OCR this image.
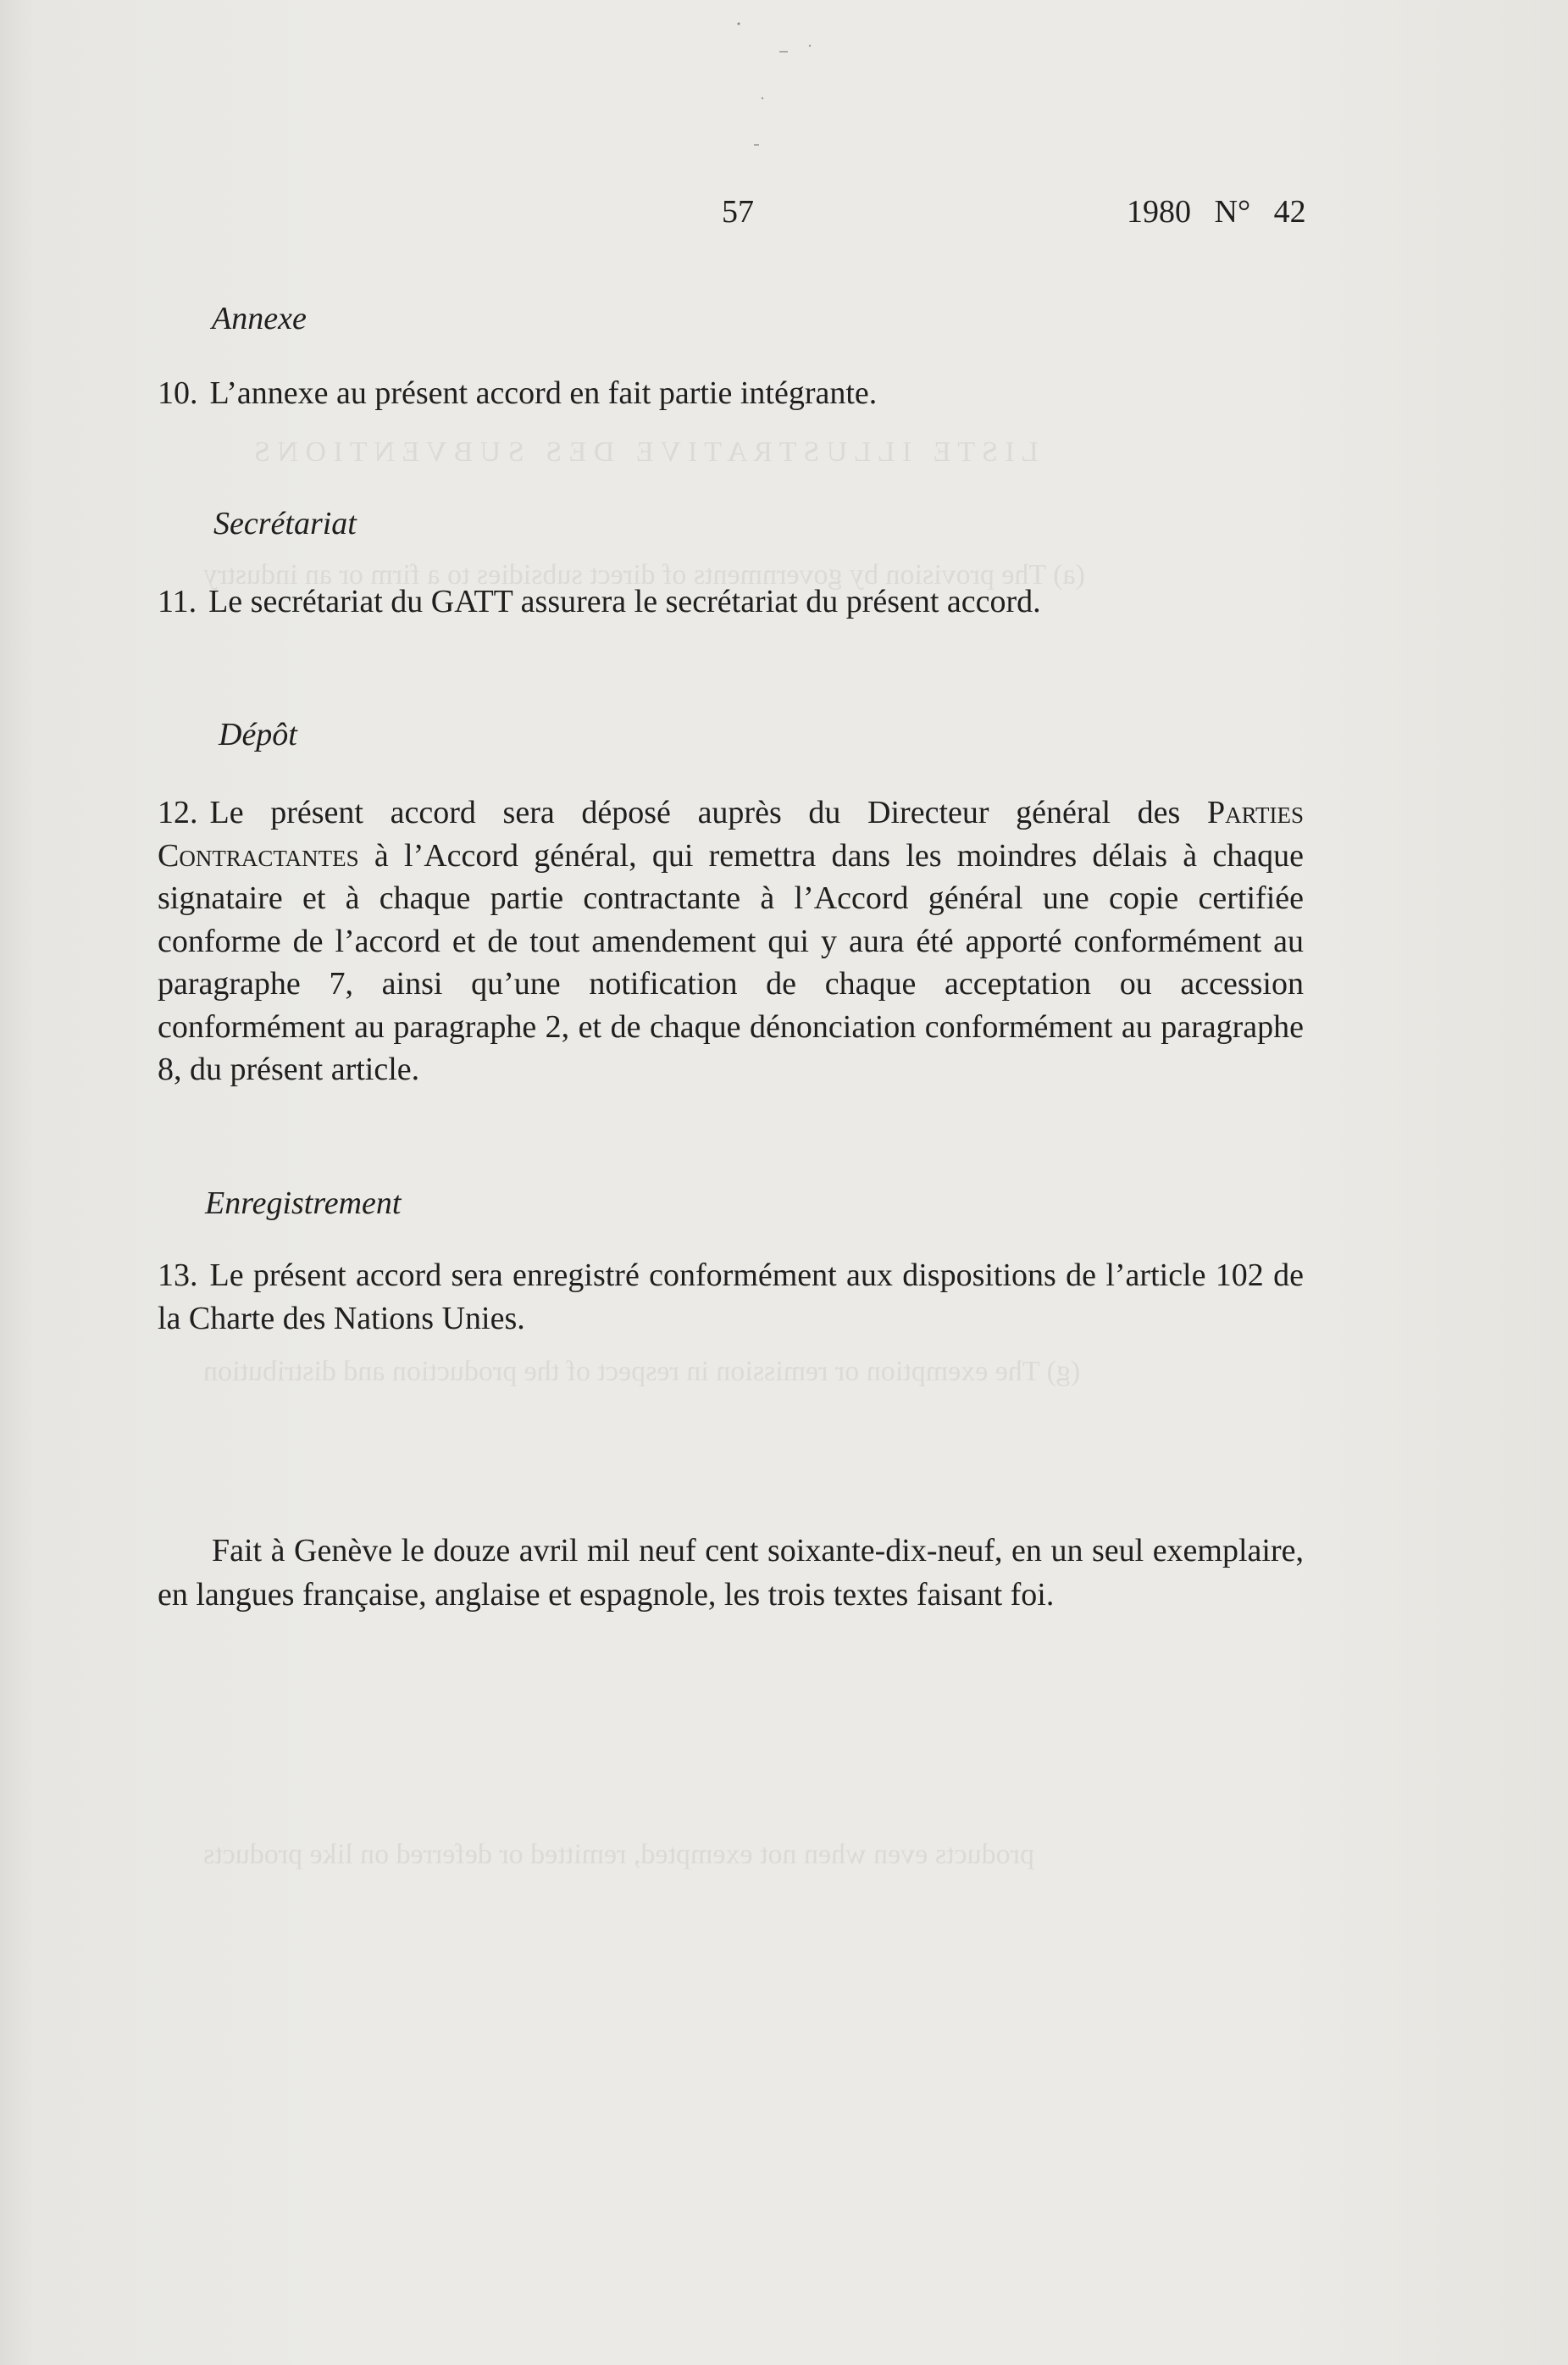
L I S T E   I L L U S T R A T I V E   D E S   S U B V E N T I O N S
(a) The provision by governments of direct subsidies to a firm or an industry
(g) The exemption or remission in respect of the production and distribution
products even when not exempted, remitted or deferred on like products
57	1980 N° 42
Annexe
10. L’annexe au présent accord en fait partie intégrante.
Secrétariat
11. Le secrétariat du GATT assurera le secrétariat du présent accord.
Dépôt
12. Le présent accord sera déposé auprès du Directeur général des Parties Contractantes à l’Accord général, qui remettra dans les moindres délais à chaque signataire et à chaque partie contractante à l’Accord général une copie certifiée conforme de l’accord et de tout amendement qui y aura été apporté conformément au paragraphe 7, ainsi qu’une notification de chaque acceptation ou accession conformément au paragraphe 2, et de chaque dénonciation conformément au paragraphe 8, du présent article.
Enregistrement
13. Le présent accord sera enregistré conformément aux dispositions de l’article 102 de la Charte des Nations Unies.
Fait à Genève le douze avril mil neuf cent soixante-dix-neuf, en un seul exemplaire, en langues française, anglaise et espagnole, les trois textes faisant foi.
